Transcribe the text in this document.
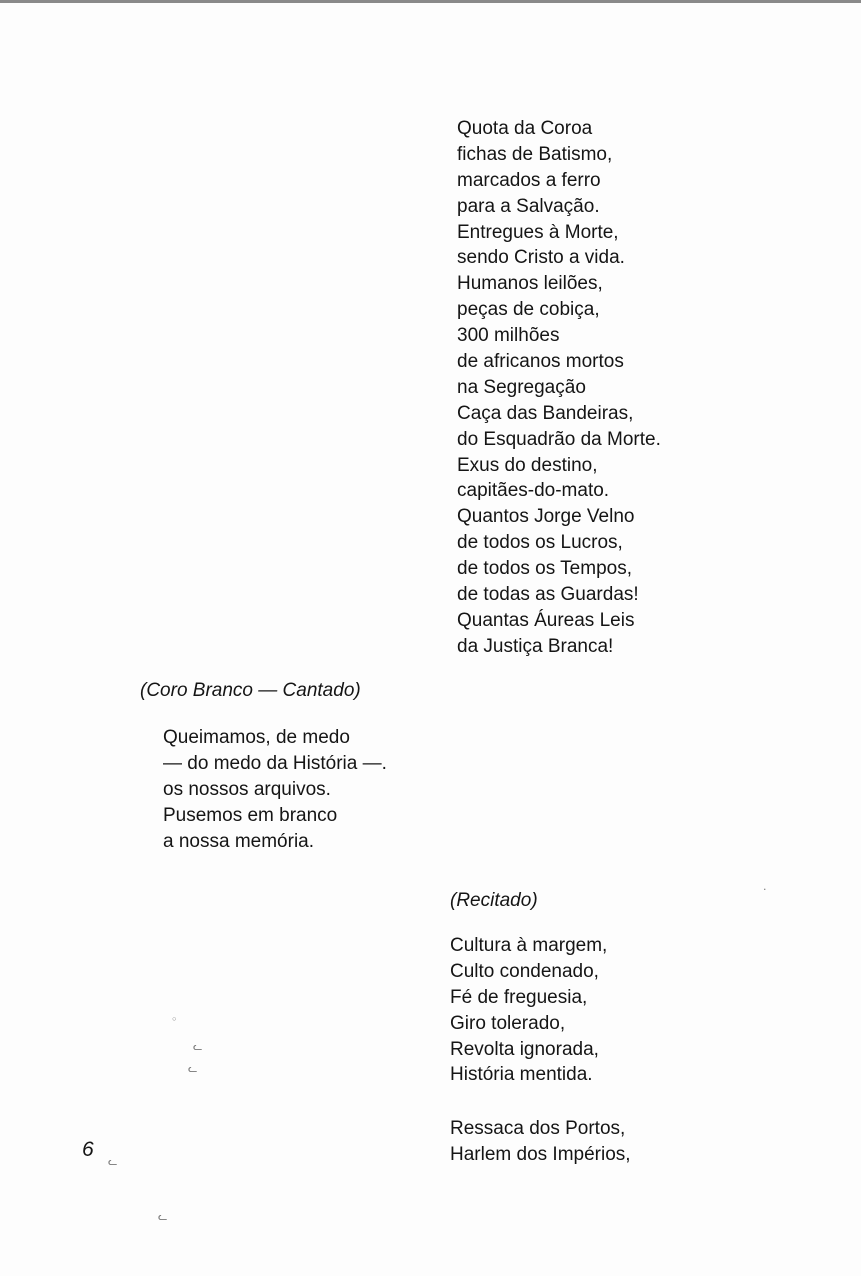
Quota da Coroa
fichas de Batismo,
marcados a ferro
para a Salvação.
Entregues à Morte,
sendo Cristo a vida.
Humanos leilões,
peças de cobiça,
300 milhões
de africanos mortos
na Segregação
Caça das Bandeiras,
do Esquadrão da Morte.
Exus do destino,
capitães-do-mato.
Quantos Jorge Velno
de todos os Lucros,
de todos os Tempos,
de todas as Guardas!
Quantas Áureas Leis
da Justiça Branca!
(Coro Branco — Cantado)
Queimamos, de medo
— do medo da História —.
os nossos arquivos.
Pusemos em branco
a nossa memória.
(Recitado)
Cultura à margem,
Culto condenado,
Fé de freguesia,
Giro tolerado,
Revolta ignorada,
História mentida.
Ressaca dos Portos,
Harlem dos Impérios,
6
◦
ᓚ
ᓚ
ᓚ
ᓚ
·
